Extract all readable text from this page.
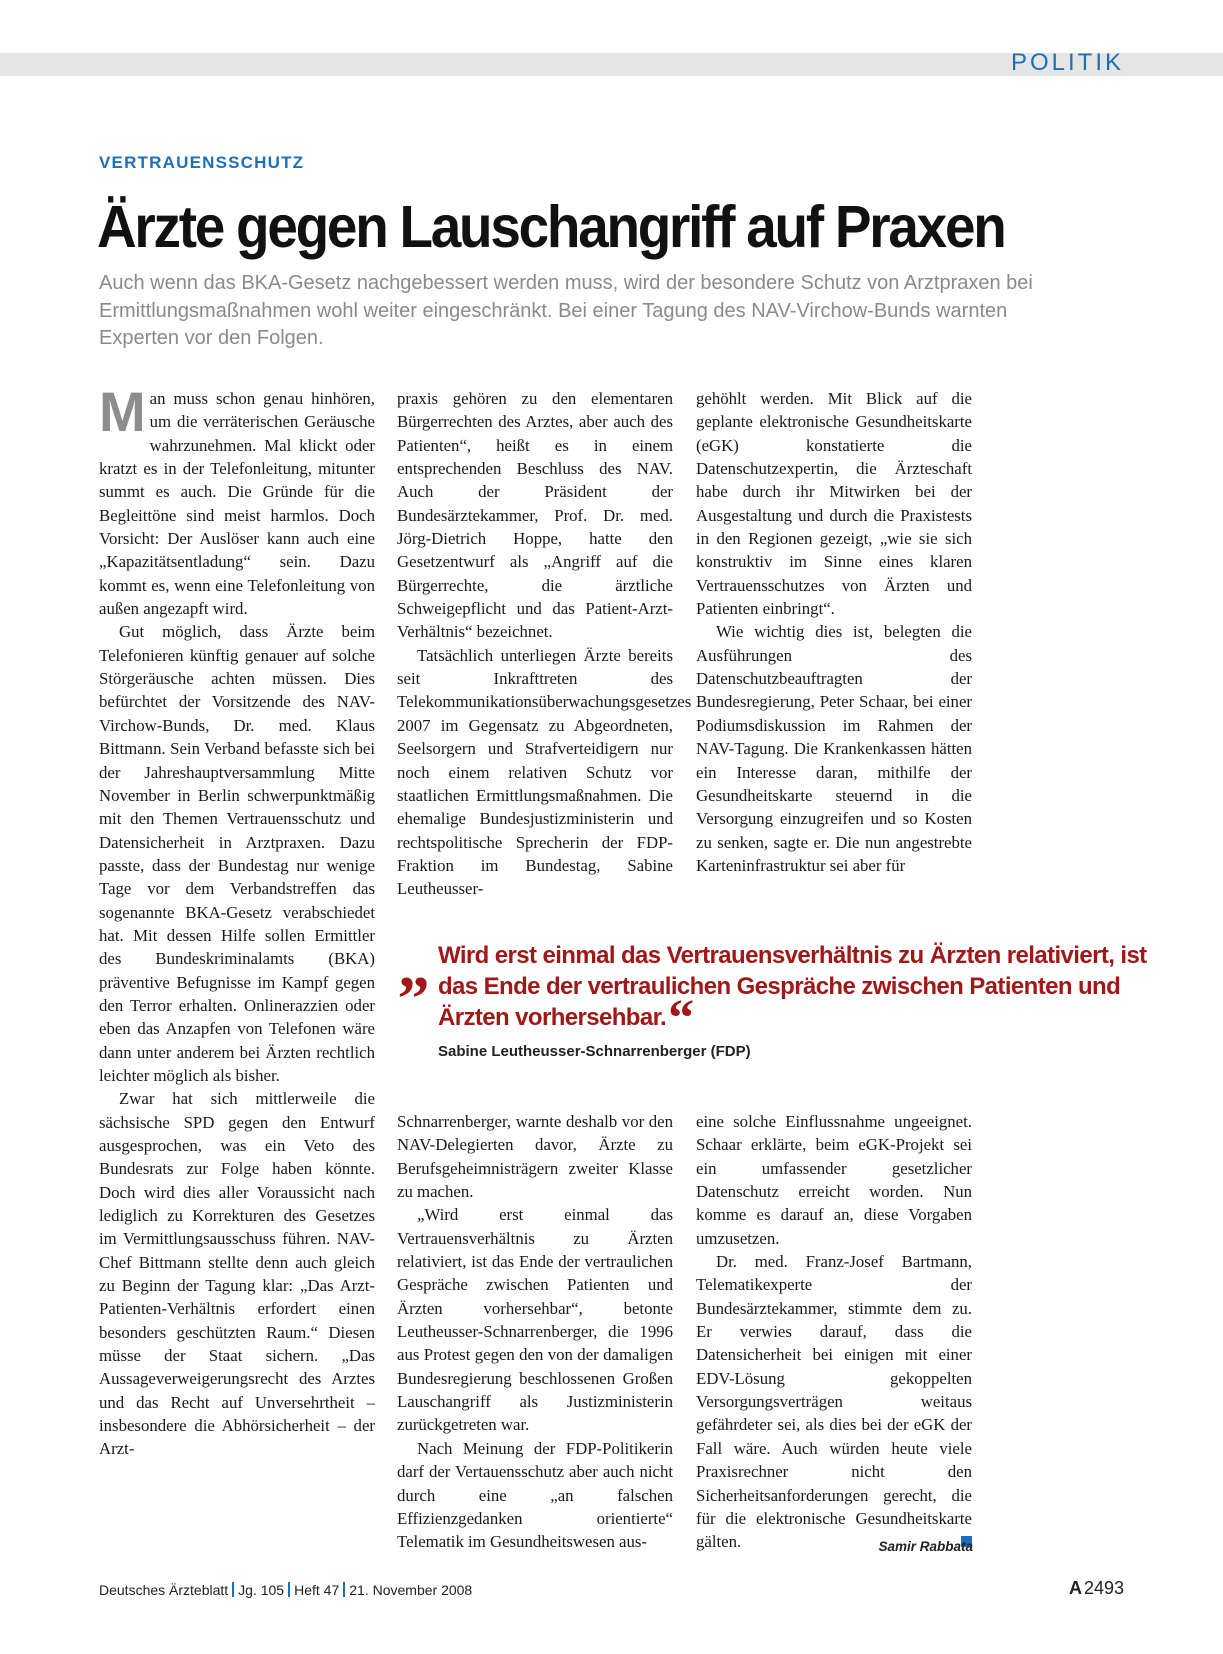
POLITIK
VERTRAUENSSCHUTZ
Ärzte gegen Lauschangriff auf Praxen

Auch wenn das BKA-Gesetz nachgebessert werden muss, wird der besondere Schutz von Arztpraxen bei Ermittlungsmaßnahmen wohl weiter eingeschränkt. Bei einer Tagung des NAV-Virchow-Bunds warnten Experten vor den Folgen.

Man muss schon genau hinhören, um die verräterischen Geräusche wahrzunehmen. Mal klickt oder kratzt es in der Telefonleitung, mitunter summt es auch. Die Gründe für die Begleittöne sind meist harmlos. Doch Vorsicht: Der Auslöser kann auch eine „Kapazitätsentladung“ sein. Dazu kommt es, wenn eine Telefonleitung von außen angezapft wird.

Gut möglich, dass Ärzte beim Telefonieren künftig genauer auf solche Störgeräusche achten müssen. Dies befürchtet der Vorsitzende des NAV-Virchow-Bunds, Dr. med. Klaus Bittmann. Sein Verband befasste sich bei der Jahreshauptversammlung Mitte November in Berlin schwerpunktmäßig mit den Themen Vertrauensschutz und Datensicherheit in Arztpraxen. Dazu passte, dass der Bundestag nur wenige Tage vor dem Verbandstreffen das sogenannte BKA-Gesetz verabschiedet hat. Mit dessen Hilfe sollen Ermittler des Bundeskriminalamts (BKA) präventive Befugnisse im Kampf gegen den Terror erhalten. Onlinerazzien oder eben das Anzapfen von Telefonen wäre dann unter anderem bei Ärzten rechtlich leichter möglich als bisher.

Zwar hat sich mittlerweile die sächsische SPD gegen den Entwurf ausgesprochen, was ein Veto des Bundesrats zur Folge haben könnte. Doch wird dies aller Voraussicht nach lediglich zu Korrekturen des Gesetzes im Vermittlungsausschuss führen. NAV-Chef Bittmann stellte denn auch gleich zu Beginn der Tagung klar: „Das Arzt-Patienten-Verhältnis erfordert einen besonders geschützten Raum.“ Diesen müsse der Staat sichern. „Das Aussageverweigerungsrecht des Arztes und das Recht auf Unversehrtheit – insbesondere die Abhörsicherheit – der Arzt-

praxis gehören zu den elementaren Bürgerrechten des Arztes, aber auch des Patienten“, heißt es in einem entsprechenden Beschluss des NAV. Auch der Präsident der Bundesärztekammer, Prof. Dr. med. Jörg-Dietrich Hoppe, hatte den Gesetzentwurf als „Angriff auf die Bürgerrechte, die ärztliche Schweigepflicht und das Patient-Arzt-Verhältnis“ bezeichnet.

Tatsächlich unterliegen Ärzte bereits seit Inkrafttreten des Telekommunikationsüberwachungsgesetzes 2007 im Gegensatz zu Abgeordneten, Seelsorgern und Strafverteidigern nur noch einem relativen Schutz vor staatlichen Ermittlungsmaßnahmen. Die ehemalige Bundesjustizministerin und rechtspolitische Sprecherin der FDP-Fraktion im Bundestag, Sabine Leutheusser-

gehöhlt werden. Mit Blick auf die geplante elektronische Gesundheitskarte (eGK) konstatierte die Datenschutzexpertin, die Ärzteschaft habe durch ihr Mitwirken bei der Ausgestaltung und durch die Praxistests in den Regionen gezeigt, „wie sie sich konstruktiv im Sinne eines klaren Vertrauensschutzes von Ärzten und Patienten einbringt“.

Wie wichtig dies ist, belegten die Ausführungen des Datenschutzbeauftragten der Bundesregierung, Peter Schaar, bei einer Podiumsdiskussion im Rahmen der NAV-Tagung. Die Krankenkassen hätten ein Interesse daran, mithilfe der Gesundheitskarte steuernd in die Versorgung einzugreifen und so Kosten zu senken, sagte er. Die nun angestrebte Karteninfrastruktur sei aber für

„ Wird erst einmal das Vertrauensverhältnis zu Ärzten relativiert, ist das Ende der vertraulichen Gespräche zwischen Patienten und Ärzten vorhersehbar.“

Sabine Leutheusser-Schnarrenberger (FDP)

Schnarrenberger, warnte deshalb vor den NAV-Delegierten davor, Ärzte zu Berufsgeheimnisträgern zweiter Klasse zu machen.

„Wird erst einmal das Vertrauensverhältnis zu Ärzten relativiert, ist das Ende der vertraulichen Gespräche zwischen Patienten und Ärzten vorhersehbar“, betonte Leutheusser-Schnarrenberger, die 1996 aus Protest gegen den von der damaligen Bundesregierung beschlossenen Großen Lauschangriff als Justizministerin zurückgetreten war.

Nach Meinung der FDP-Politikerin darf der Vertauensschutz aber auch nicht durch eine „an falschen Effizienzgedanken orientierte“ Telematik im Gesundheitswesen aus-

eine solche Einflussnahme ungeeignet. Schaar erklärte, beim eGK-Projekt sei ein umfassender gesetzlicher Datenschutz erreicht worden. Nun komme es darauf an, diese Vorgaben umzusetzen.

Dr. med. Franz-Josef Bartmann, Telematikexperte der Bundesärztekammer, stimmte dem zu. Er verwies darauf, dass die Datensicherheit bei einigen mit einer EDV-Lösung gekoppelten Versorgungsverträgen weitaus gefährdeter sei, als dies bei der eGK der Fall wäre. Auch würden heute viele Praxisrechner nicht den Sicherheitsanforderungen gerecht, die für die elektronische Gesundheitskarte gälten.	Samir Rabbata
Deutsches Ärzteblatt Jg. 105 Heft 47 21. November 2008	A 2493
